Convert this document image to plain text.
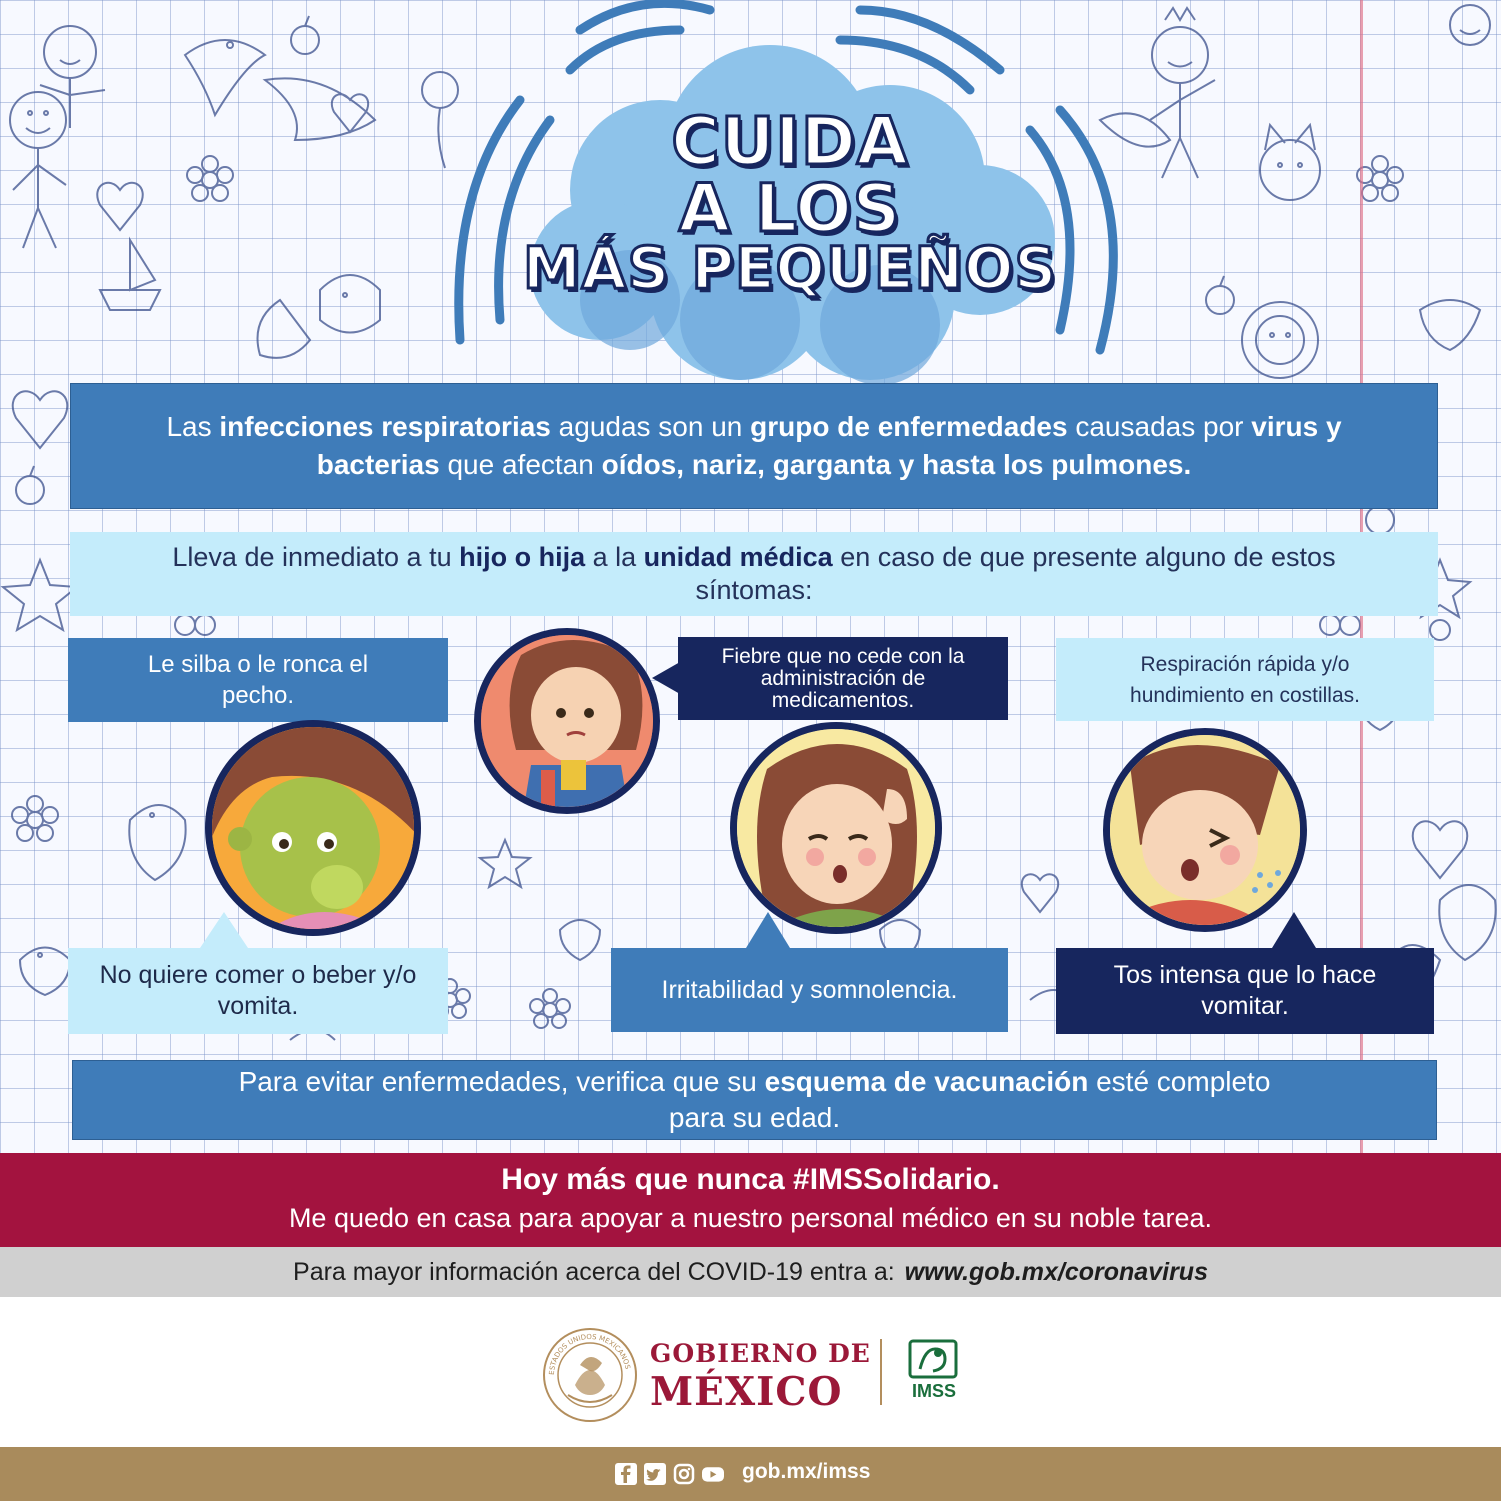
CUIDA
A LOS
MÁS PEQUEÑOS
Las infecciones respiratorias agudas son un grupo de enfermedades causadas por virus y bacterias que afectan oídos, nariz, garganta y hasta los pulmones.
Lleva de inmediato a tu hijo o hija a la unidad médica en caso de que presente alguno de estos síntomas:
Le silba o le ronca el pecho.
Fiebre que no cede con la administración de medicamentos.
Respiración rápida y/o hundimiento en costillas.
No quiere comer o beber y/o vomita.
Irritabilidad y somnolencia.
Tos intensa que lo hace vomitar.
Para evitar enfermedades, verifica que su esquema de vacunación esté completo para su edad.
Hoy más que nunca #IMSSolidario.
Me quedo en casa para apoyar a nuestro personal médico en su noble tarea.
Para mayor información acerca del COVID-19 entra a: www.gob.mx/coronavirus
ESTADOS UNIDOS MEXICANOS GOBIERNO DE
MÉXICO	IMSS
gob.mx/imss
